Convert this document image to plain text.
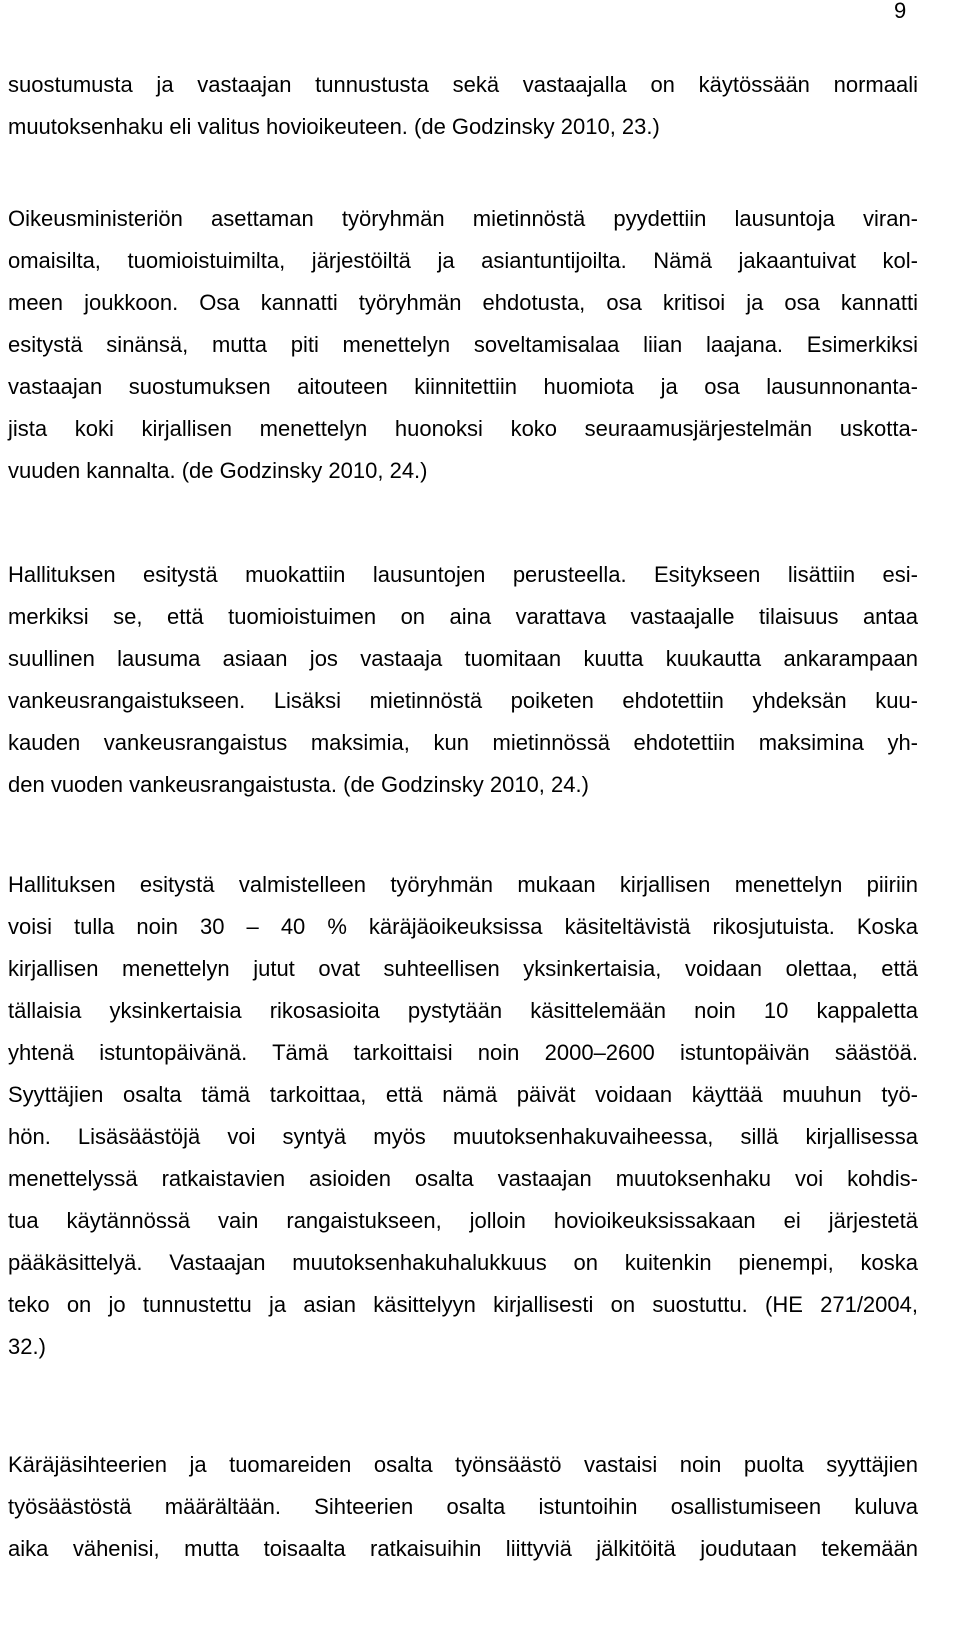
9
suostumusta ja vastaajan tunnustusta sekä vastaajalla on käytössään normaali
muutoksenhaku eli valitus hovioikeuteen. (de Godzinsky 2010, 23.)
Oikeusministeriön asettaman työryhmän mietinnöstä pyydettiin lausuntoja viran-
omaisilta, tuomioistuimilta, järjestöiltä ja asiantuntijoilta. Nämä jakaantuivat kol-
meen joukkoon. Osa kannatti työryhmän ehdotusta, osa kritisoi ja osa kannatti
esitystä sinänsä, mutta piti menettelyn soveltamisalaa liian laajana. Esimerkiksi
vastaajan suostumuksen aitouteen kiinnitettiin huomiota ja osa lausunnonanta-
jista koki kirjallisen menettelyn huonoksi koko seuraamusjärjestelmän uskotta-
vuuden kannalta. (de Godzinsky 2010, 24.)
Hallituksen esitystä muokattiin lausuntojen perusteella. Esitykseen lisättiin esi-
merkiksi se, että tuomioistuimen on aina varattava vastaajalle tilaisuus antaa
suullinen lausuma asiaan jos vastaaja tuomitaan kuutta kuukautta ankarampaan
vankeusrangaistukseen. Lisäksi mietinnöstä poiketen ehdotettiin yhdeksän kuu-
kauden vankeusrangaistus maksimia, kun mietinnössä ehdotettiin maksimina yh-
den vuoden vankeusrangaistusta. (de Godzinsky 2010, 24.)
Hallituksen esitystä valmistelleen työryhmän mukaan kirjallisen menettelyn piiriin
voisi tulla noin 30 – 40 % käräjäoikeuksissa käsiteltävistä rikosjutuista. Koska
kirjallisen menettelyn jutut ovat suhteellisen yksinkertaisia, voidaan olettaa, että
tällaisia yksinkertaisia rikosasioita pystytään käsittelemään noin 10 kappaletta
yhtenä istuntopäivänä. Tämä tarkoittaisi noin 2000–2600 istuntopäivän säästöä.
Syyttäjien osalta tämä tarkoittaa, että nämä päivät voidaan käyttää muuhun työ-
hön. Lisäsäästöjä voi syntyä myös muutoksenhakuvaiheessa, sillä kirjallisessa
menettelyssä ratkaistavien asioiden osalta vastaajan muutoksenhaku voi kohdis-
tua käytännössä vain rangaistukseen, jolloin hovioikeuksissakaan ei järjestetä
pääkäsittelyä. Vastaajan muutoksenhakuhalukkuus on kuitenkin pienempi, koska
teko on jo tunnustettu ja asian käsittelyyn kirjallisesti on suostuttu. (HE 271/2004,
32.)
Käräjäsihteerien ja tuomareiden osalta työnsäästö vastaisi noin puolta syyttäjien
työsäästöstä määrältään. Sihteerien osalta istuntoihin osallistumiseen kuluva
aika vähenisi, mutta toisaalta ratkaisuihin liittyviä jälkitöitä joudutaan tekemään
